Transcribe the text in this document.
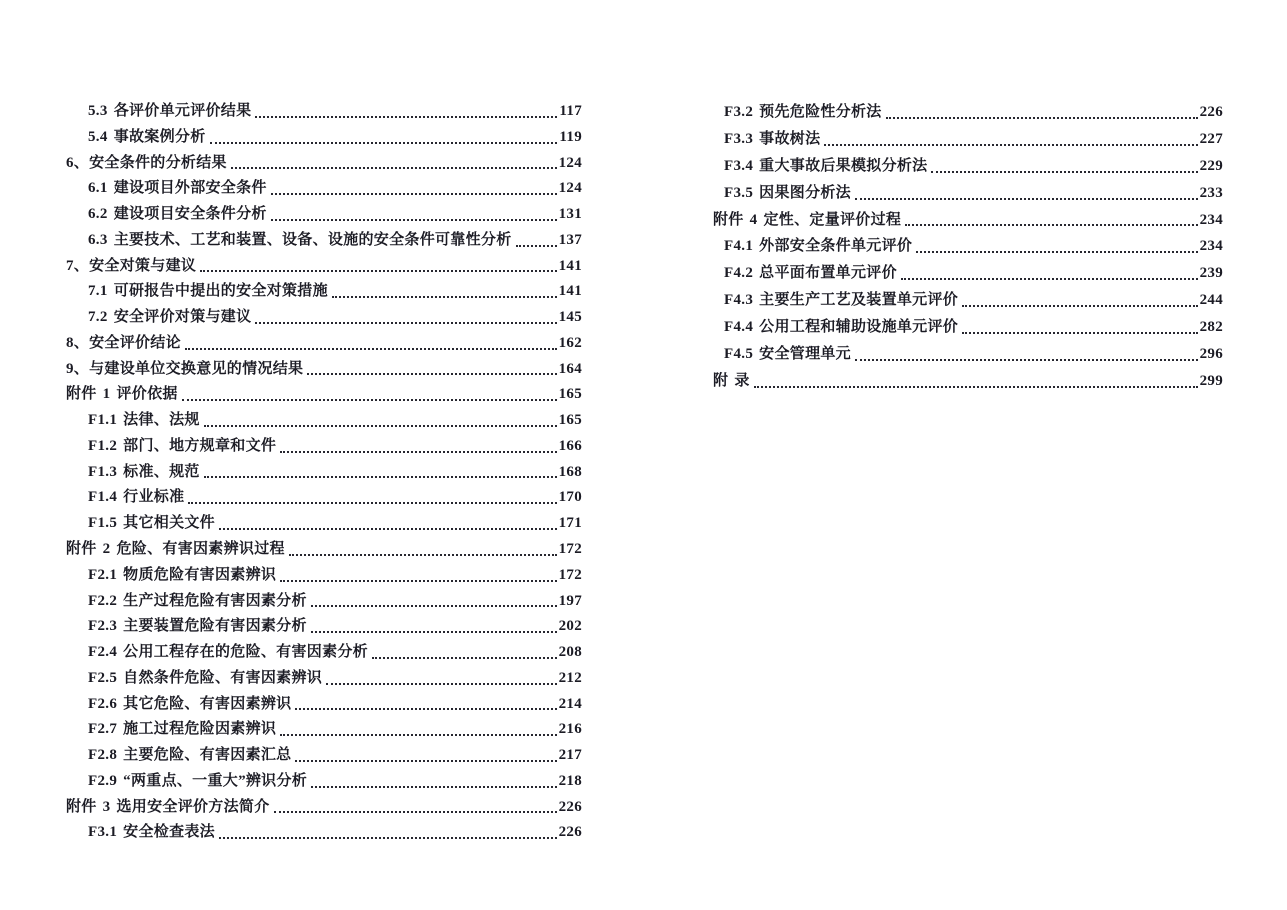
5.3 各评价单元评价结果	117
5.4 事故案例分析	119
6、安全条件的分析结果	124
6.1 建设项目外部安全条件	124
6.2 建设项目安全条件分析	131
6.3 主要技术、工艺和装置、设备、设施的安全条件可靠性分析	137
7、安全对策与建议	141
7.1 可研报告中提出的安全对策措施	141
7.2 安全评价对策与建议	145
8、安全评价结论	162
9、与建设单位交换意见的情况结果	164
附件 1 评价依据	165
F1.1 法律、法规	165
F1.2 部门、地方规章和文件	166
F1.3 标准、规范	168
F1.4 行业标准	170
F1.5 其它相关文件	171
附件 2 危险、有害因素辨识过程	172
F2.1 物质危险有害因素辨识	172
F2.2 生产过程危险有害因素分析	197
F2.3 主要装置危险有害因素分析	202
F2.4 公用工程存在的危险、有害因素分析	208
F2.5 自然条件危险、有害因素辨识	212
F2.6 其它危险、有害因素辨识	214
F2.7 施工过程危险因素辨识	216
F2.8 主要危险、有害因素汇总	217
F2.9 “两重点、一重大”辨识分析	218
附件 3 选用安全评价方法简介	226
F3.1 安全检查表法	226
F3.2 预先危险性分析法	226
F3.3 事故树法	227
F3.4 重大事故后果模拟分析法	229
F3.5 因果图分析法	233
附件 4 定性、定量评价过程	234
F4.1 外部安全条件单元评价	234
F4.2 总平面布置单元评价	239
F4.3 主要生产工艺及装置单元评价	244
F4.4 公用工程和辅助设施单元评价	282
F4.5 安全管理单元	296
附 录	299
